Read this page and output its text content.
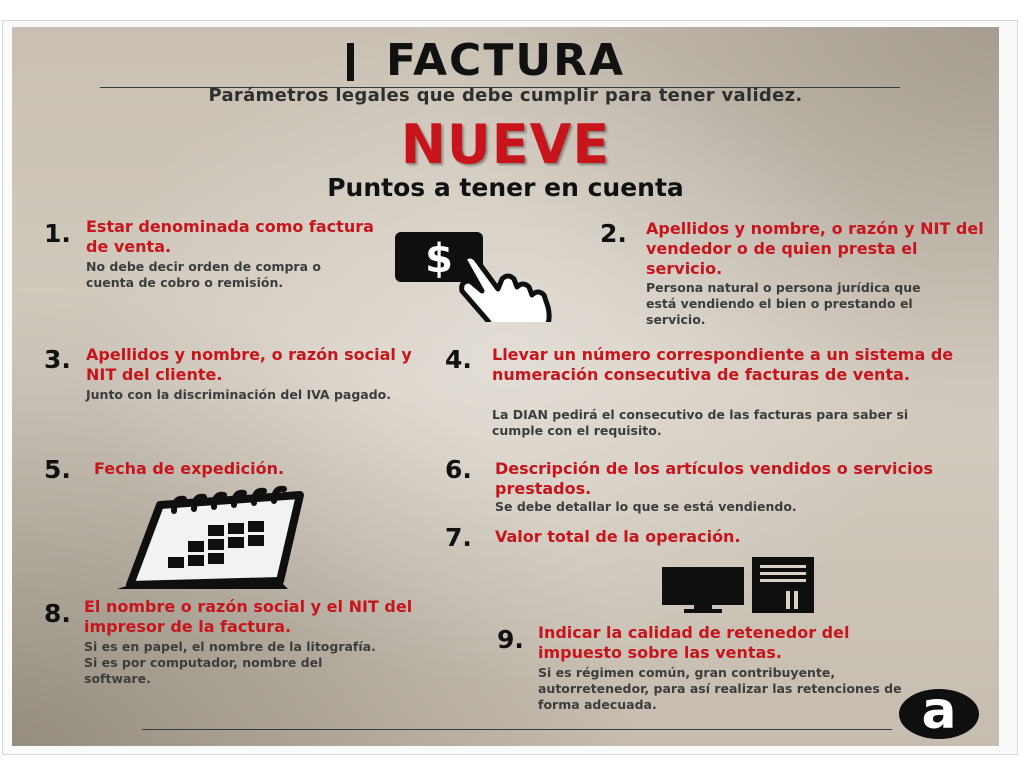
FACTURA
Parámetros legales que debe cumplir para tener validez.
NUEVE
Puntos a tener en cuenta
1. Estar denominada como factura de venta.
No debe decir orden de compra o cuenta de cobro o remisión.
$
2. Apellidos y nombre, o razón y NIT del vendedor o de quien presta el servicio.
Persona natural o persona jurídica que está vendiendo el bien o prestando el servicio.
3. Apellidos y nombre, o razón social y NIT del cliente.
Junto con la discriminación del IVA pagado.
4. Llevar un número correspondiente a un sistema de numeración consecutiva de facturas de venta.
La DIAN pedirá el consecutivo de las facturas para saber si cumple con el requisito.
5. Fecha de expedición.	6. Descripción de los artículos vendidos o servicios prestados.
Se debe detallar lo que se está vendiendo.
7. Valor total de la operación.
8. El nombre o razón social y el NIT del impresor de la factura.
Si es en papel, el nombre de la litografía. Si es por computador, nombre del software.
9. Indicar la calidad de retenedor del impuesto sobre las ventas.
Si es régimen común, gran contribuyente, autorretenedor, para así realizar las retenciones de forma adecuada.	a
